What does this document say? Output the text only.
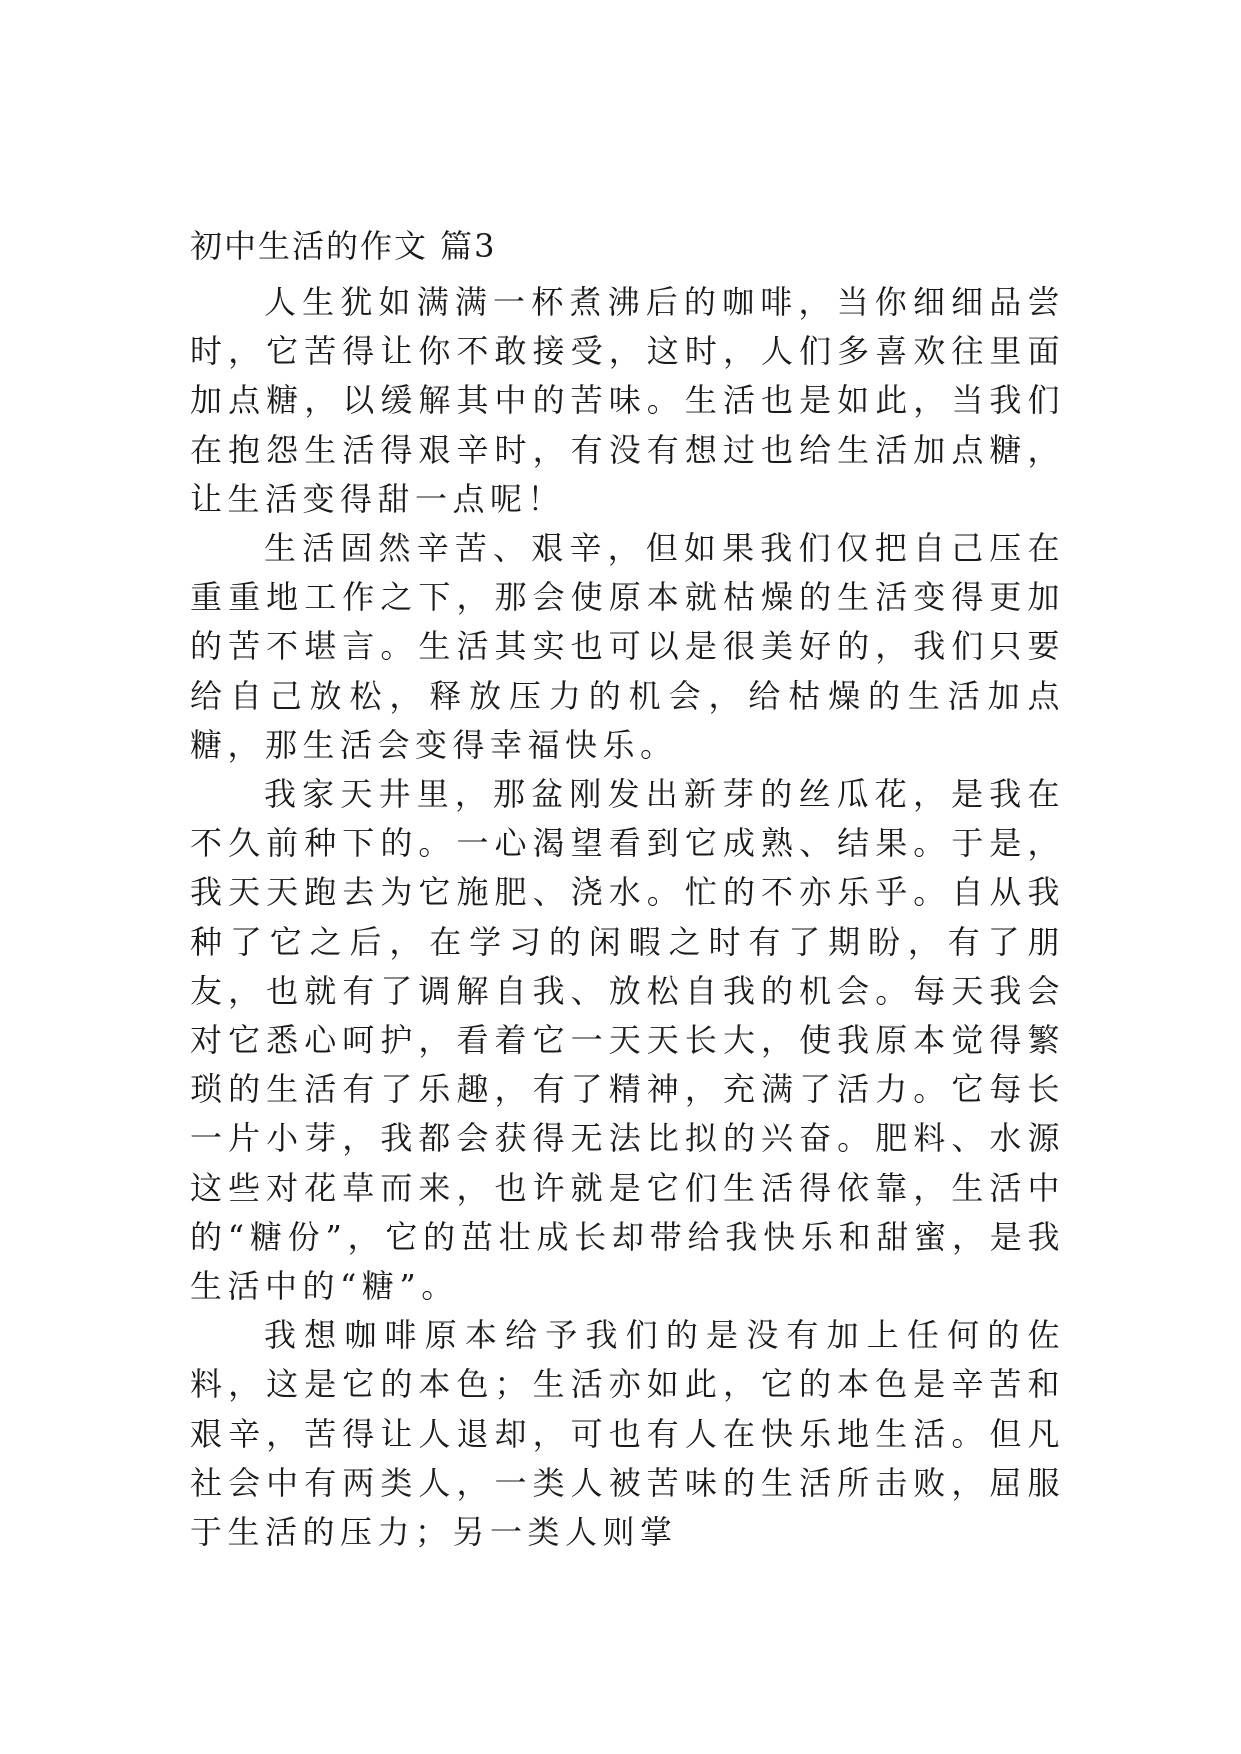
初中生活的作文 篇3

人生犹如满满一杯煮沸后的咖啡，当你细细品尝时，它苦得让你不敢接受，这时，人们多喜欢往里面加点糖，以缓解其中的苦味。生活也是如此，当我们在抱怨生活得艰辛时，有没有想过也给生活加点糖，让生活变得甜一点呢！

生活固然辛苦、艰辛，但如果我们仅把自己压在重重地工作之下，那会使原本就枯燥的生活变得更加的苦不堪言。生活其实也可以是很美好的，我们只要给自己放松，释放压力的机会，给枯燥的生活加点糖，那生活会变得幸福快乐。

我家天井里，那盆刚发出新芽的丝瓜花，是我在不久前种下的。一心渴望看到它成熟、结果。于是，我天天跑去为它施肥、浇水。忙的不亦乐乎。自从我种了它之后，在学习的闲暇之时有了期盼，有了朋友，也就有了调解自我、放松自我的机会。每天我会对它悉心呵护，看着它一天天长大，使我原本觉得繁琐的生活有了乐趣，有了精神，充满了活力。它每长一片小芽，我都会获得无法比拟的兴奋。肥料、水源这些对花草而来，也许就是它们生活得依靠，生活中的“糖份”，它的茁壮成长却带给我快乐和甜蜜，是我生活中的“糖”。

我想咖啡原本给予我们的是没有加上任何的佐料，这是它的本色；生活亦如此，它的本色是辛苦和艰辛，苦得让人退却，可也有人在快乐地生活。但凡社会中有两类人，一类人被苦味的生活所击败，屈服于生活的压力；另一类人则掌
